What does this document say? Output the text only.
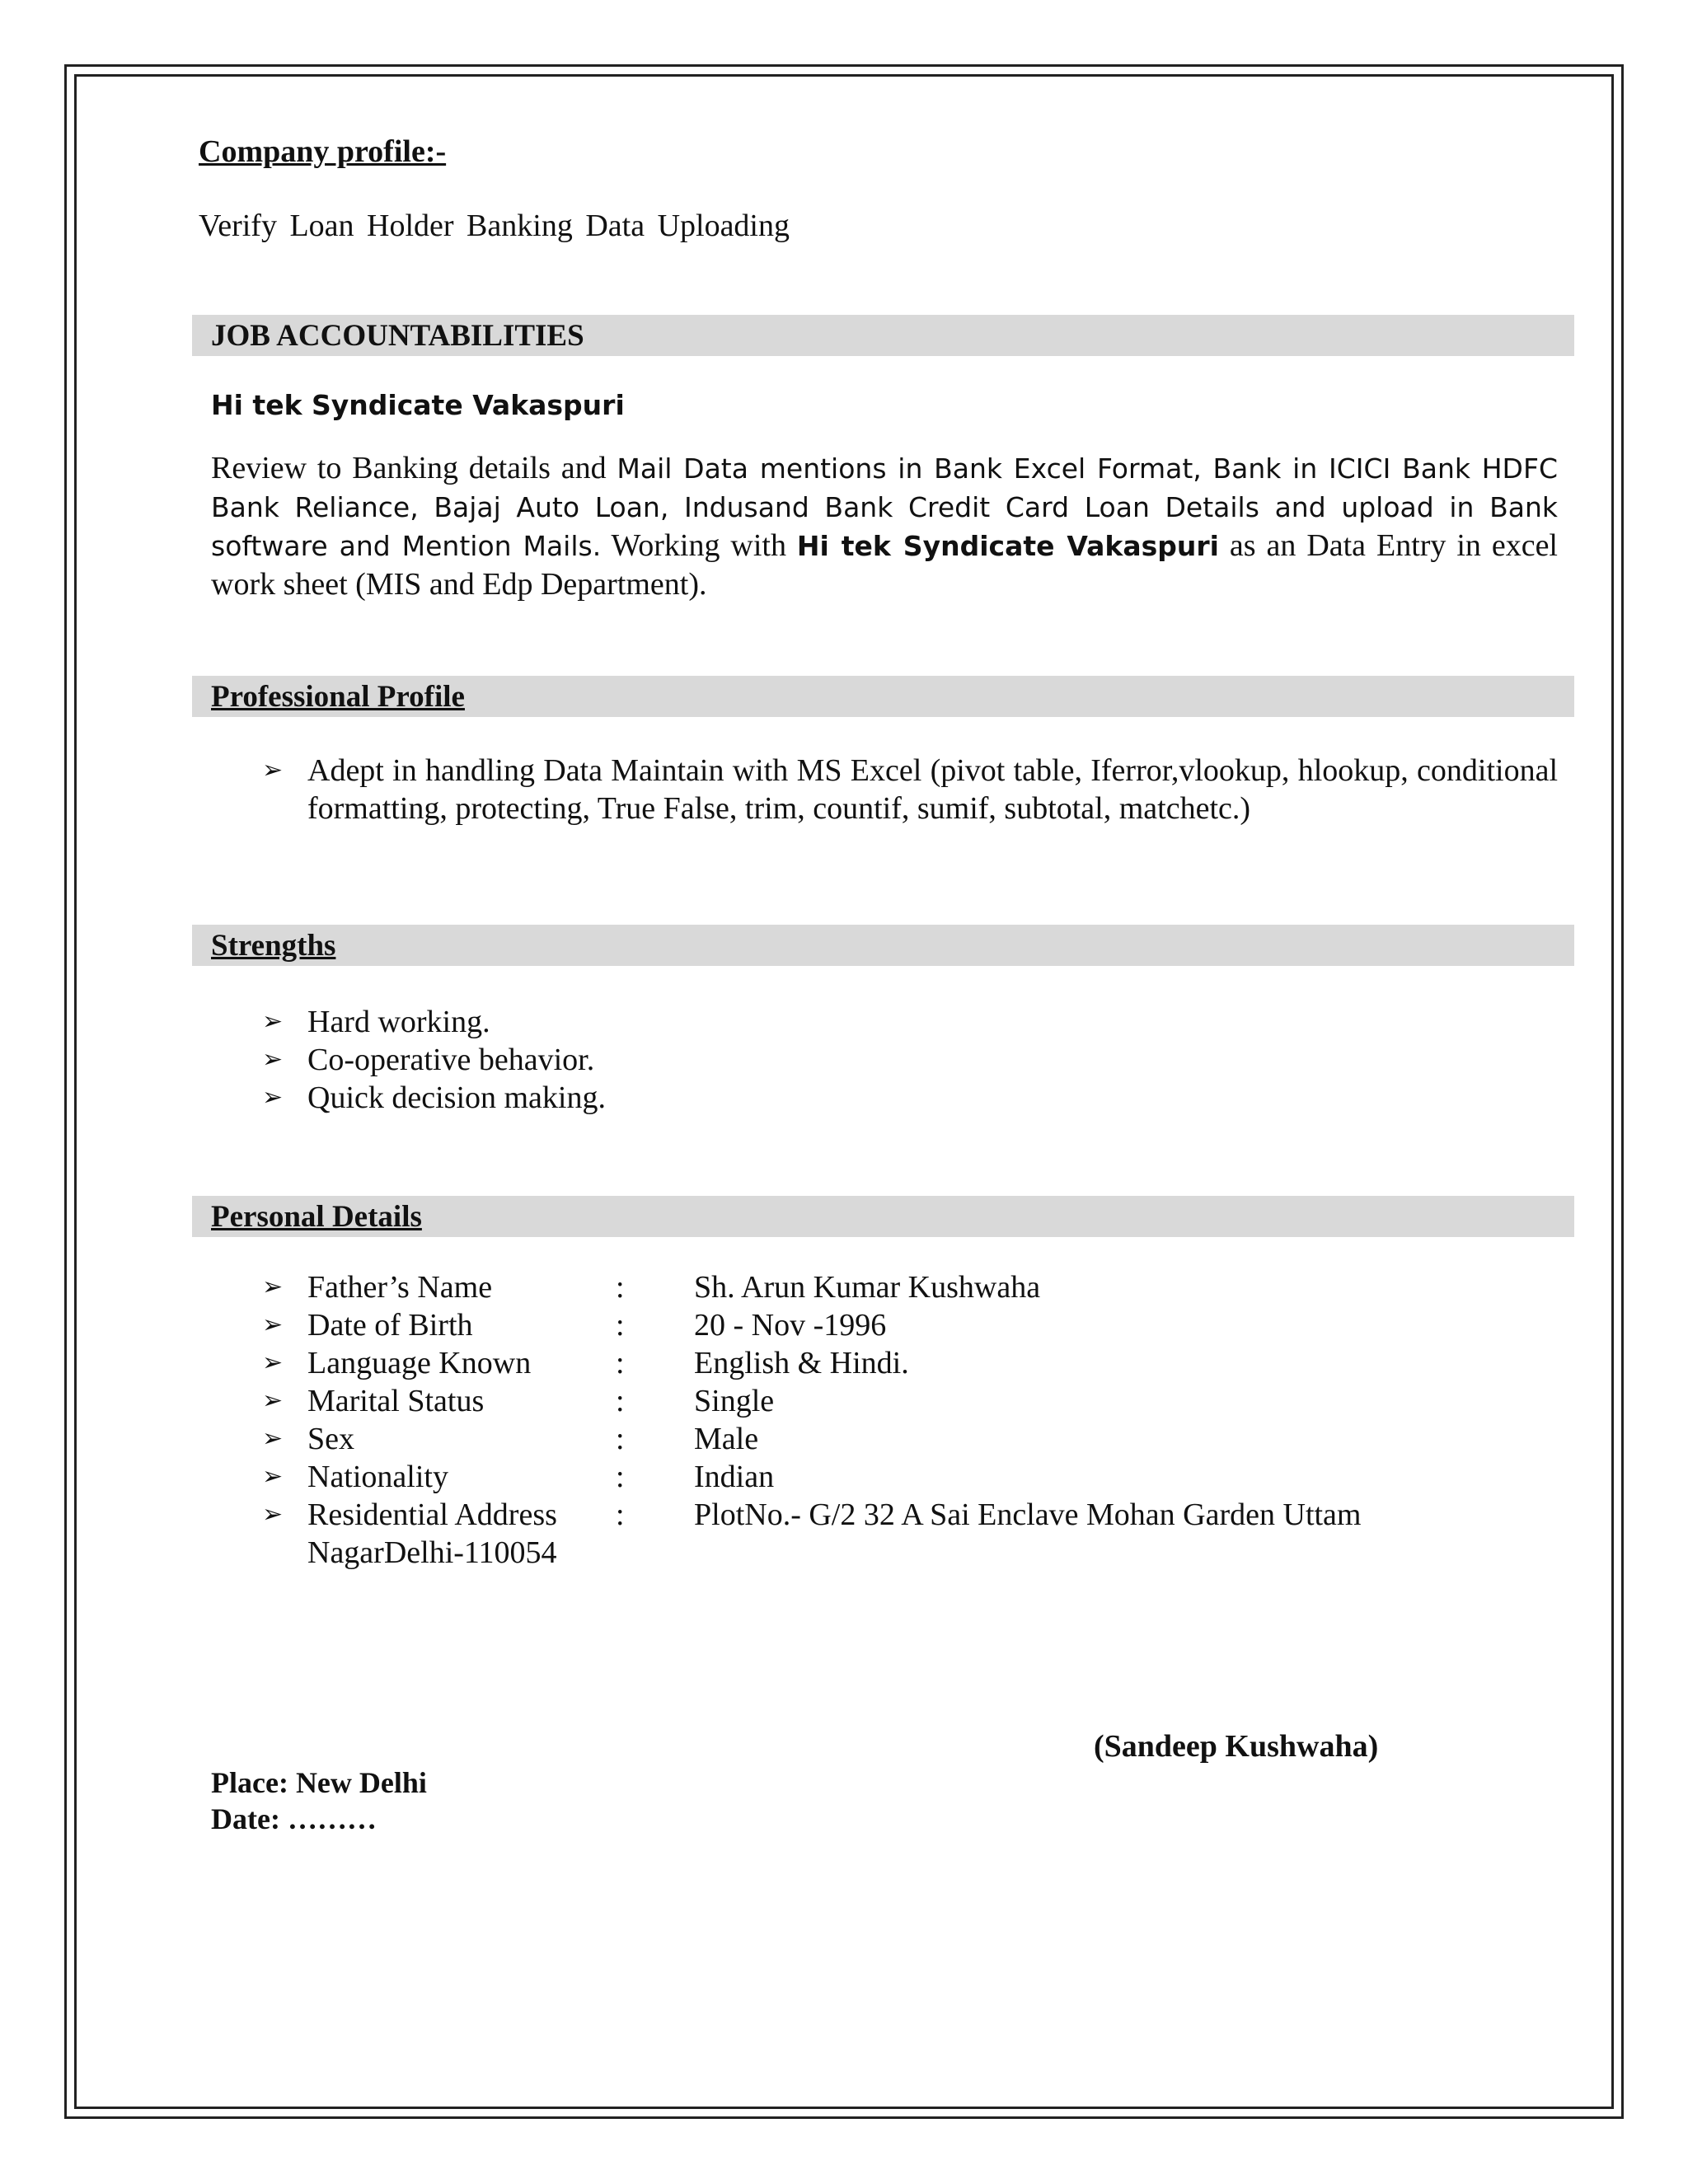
Company profile:-
Verify Loan Holder Banking Data Uploading
JOB ACCOUNTABILITIES
Hi tek Syndicate Vakaspuri
Review to Banking details and Mail Data mentions in Bank Excel Format, Bank in ICICI Bank HDFC Bank Reliance, Bajaj Auto Loan, Indusand Bank Credit Card Loan Details and upload in Bank software and Mention Mails. Working with Hi tek Syndicate Vakaspuri as an Data Entry in excel work sheet (MIS and Edp Department).
Professional Profile
➢ Adept in handling Data Maintain with MS Excel (pivot table, Iferror,vlookup, hlookup, conditional formatting, protecting, True False, trim, countif, sumif, subtotal, matchetc.)
Strengths
➢ Hard working.
➢ Co-operative behavior.
➢ Quick decision making.
Personal Details
➢ Father’s Name	:	Sh. Arun Kumar Kushwaha
➢ Date of Birth	:	20 - Nov -1996
➢ Language Known	:	English & Hindi.
➢ Marital Status	:	Single
➢ Sex	:	Male
➢ Nationality	:	Indian
➢ Residential Address	:	PlotNo.- G/2 32 A Sai Enclave Mohan Garden Uttam
NagarDelhi-110054
(Sandeep Kushwaha)
Place: New Delhi
Date: ………
